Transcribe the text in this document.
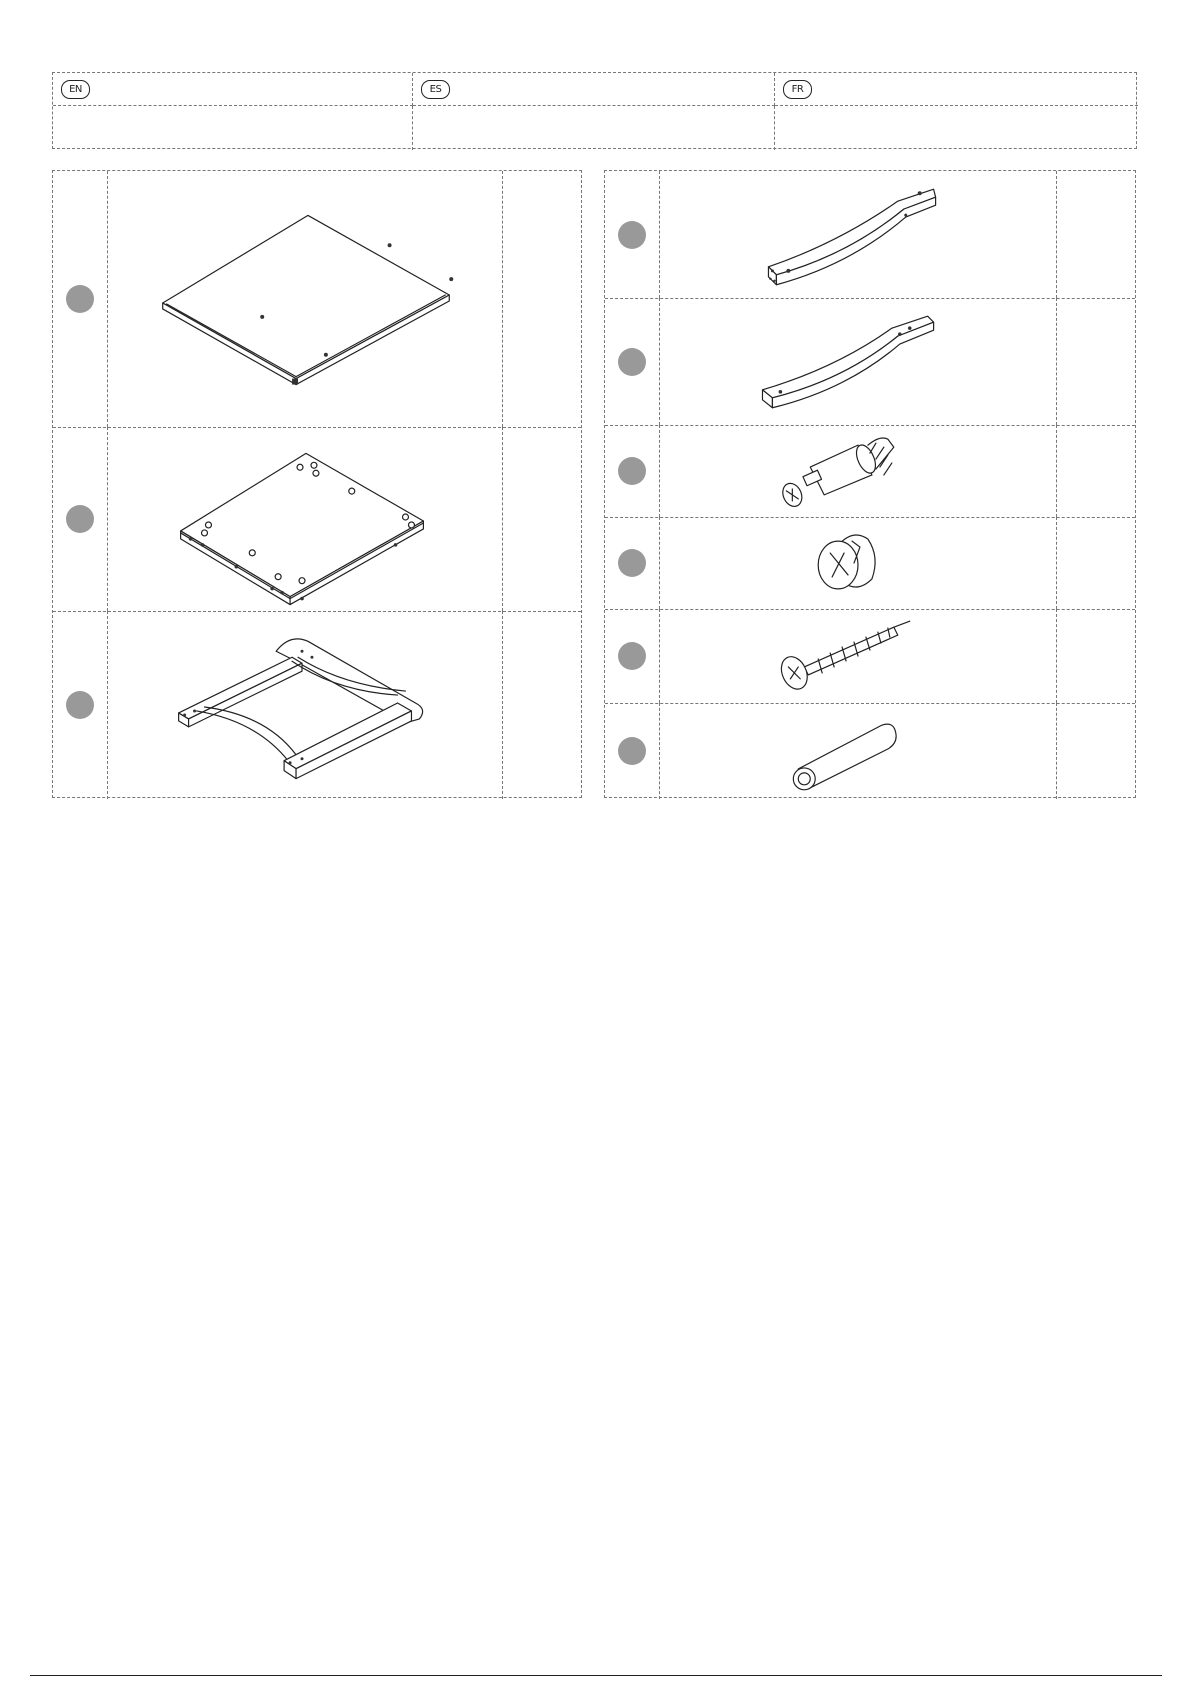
EN	ES	FR
